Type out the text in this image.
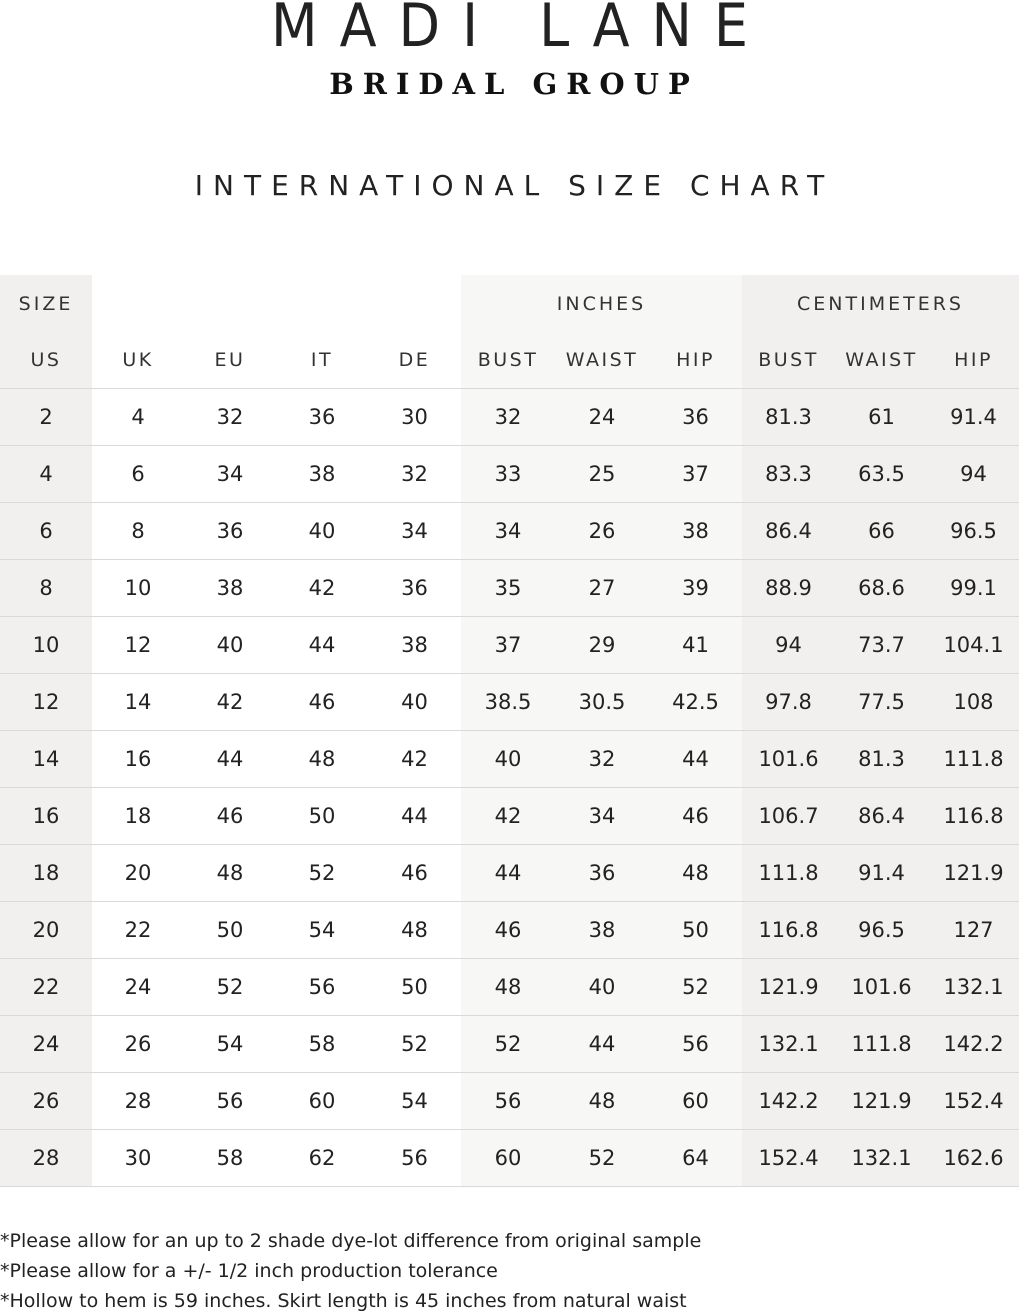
MADI LANE
BRIDAL GROUP
INTERNATIONAL SIZE CHART
SIZE					INCHES			CENTIMETERS		
US	UK	EU	IT	DE	BUST	WAIST	HIP	BUST	WAIST	HIP
2	4	32	36	30	32	24	36	81.3	61	91.4
4	6	34	38	32	33	25	37	83.3	63.5	94
6	8	36	40	34	34	26	38	86.4	66	96.5
8	10	38	42	36	35	27	39	88.9	68.6	99.1
10	12	40	44	38	37	29	41	94	73.7	104.1
12	14	42	46	40	38.5	30.5	42.5	97.8	77.5	108
14	16	44	48	42	40	32	44	101.6	81.3	111.8
16	18	46	50	44	42	34	46	106.7	86.4	116.8
18	20	48	52	46	44	36	48	111.8	91.4	121.9
20	22	50	54	48	46	38	50	116.8	96.5	127
22	24	52	56	50	48	40	52	121.9	101.6	132.1
24	26	54	58	52	52	44	56	132.1	111.8	142.2
26	28	56	60	54	56	48	60	142.2	121.9	152.4
28	30	58	62	56	60	52	64	152.4	132.1	162.6
*Please allow for an up to 2 shade dye-lot difference from original sample
*Please allow for a +/- 1/2 inch production tolerance
*Hollow to hem is 59 inches. Skirt length is 45 inches from natural waist
